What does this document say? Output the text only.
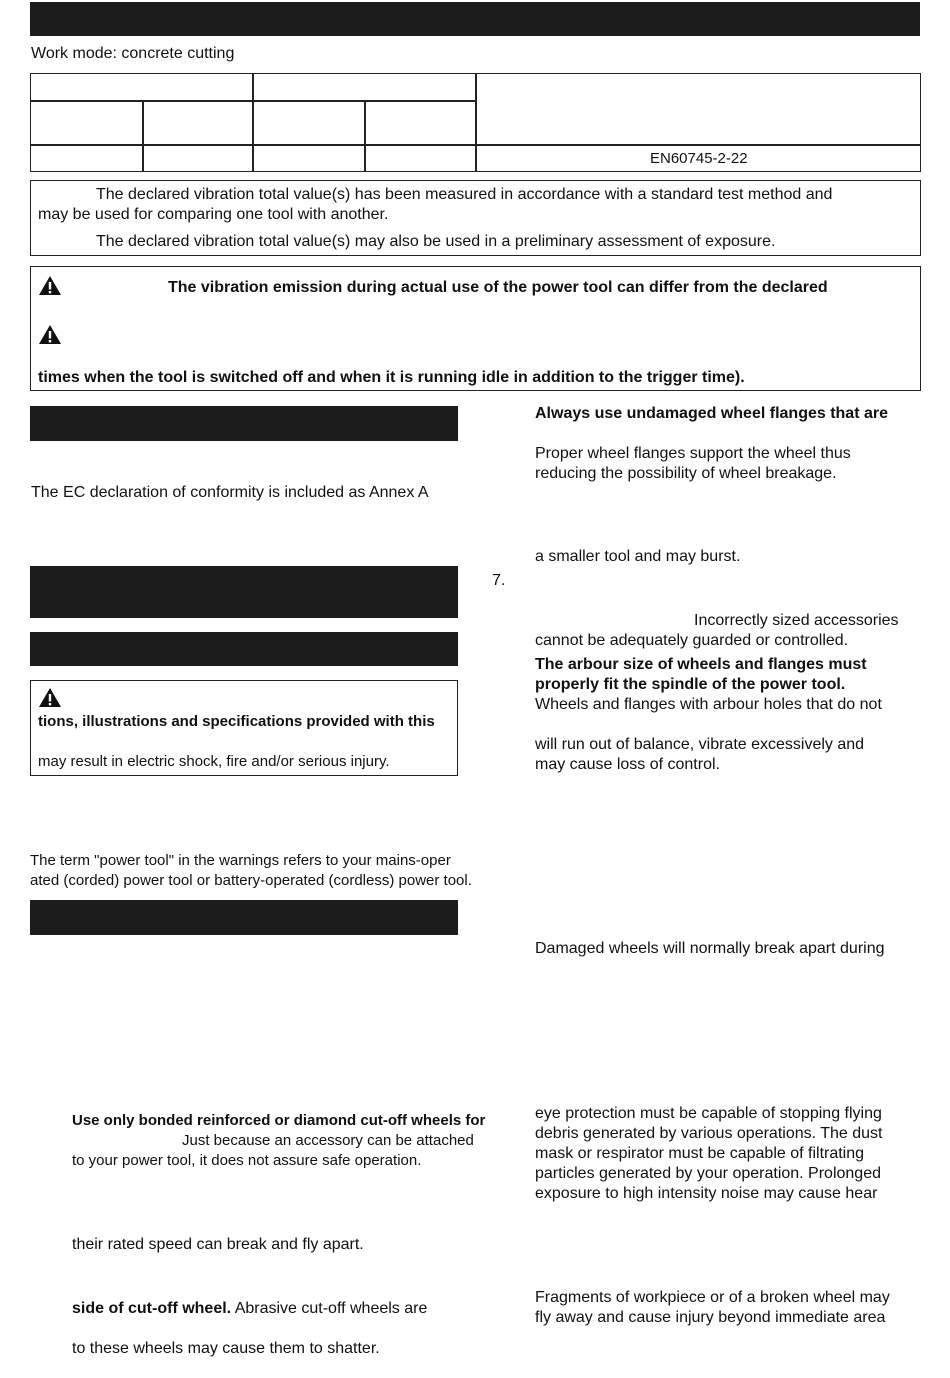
Work mode: concrete cutting
EN60745-2-22
The declared vibration total value(s) has been measured in accordance with a standard test method and
may be used for comparing one tool with another.
The declared vibration total value(s) may also be used in a preliminary assessment of exposure.
The vibration emission during actual use of the power tool can differ from the declared
times when the tool is switched off and when it is running idle in addition to the trigger time).
The EC declaration of conformity is included as Annex A
tions, illustrations and specifications provided with this
may result in electric shock, fire and/or serious injury.
The term "power tool" in the warnings refers to your mains-oper
ated (corded) power tool or battery-operated (cordless) power tool.
Use only bonded reinforced or diamond cut-off wheels for
Just because an accessory can be attached
to your power tool, it does not assure safe operation.
their rated speed can break and fly apart.
side of cut-off wheel. Abrasive cut-off wheels are
to these wheels may cause them to shatter.
Always use undamaged wheel flanges that are
Proper wheel flanges support the wheel thus
reducing the possibility of wheel breakage.
a smaller tool and may burst.
7.
Incorrectly sized accessories
cannot be adequately guarded or controlled.
The arbour size of wheels and flanges must
properly fit the spindle of the power tool.
Wheels and flanges with arbour holes that do not
will run out of balance, vibrate excessively and
may cause loss of control.
Damaged wheels will normally break apart during
eye protection must be capable of stopping flying
debris generated by various operations. The dust
mask or respirator must be capable of filtrating
particles generated by your operation. Prolonged
exposure to high intensity noise may cause hear
Fragments of workpiece or of a broken wheel may
fly away and cause injury beyond immediate area
